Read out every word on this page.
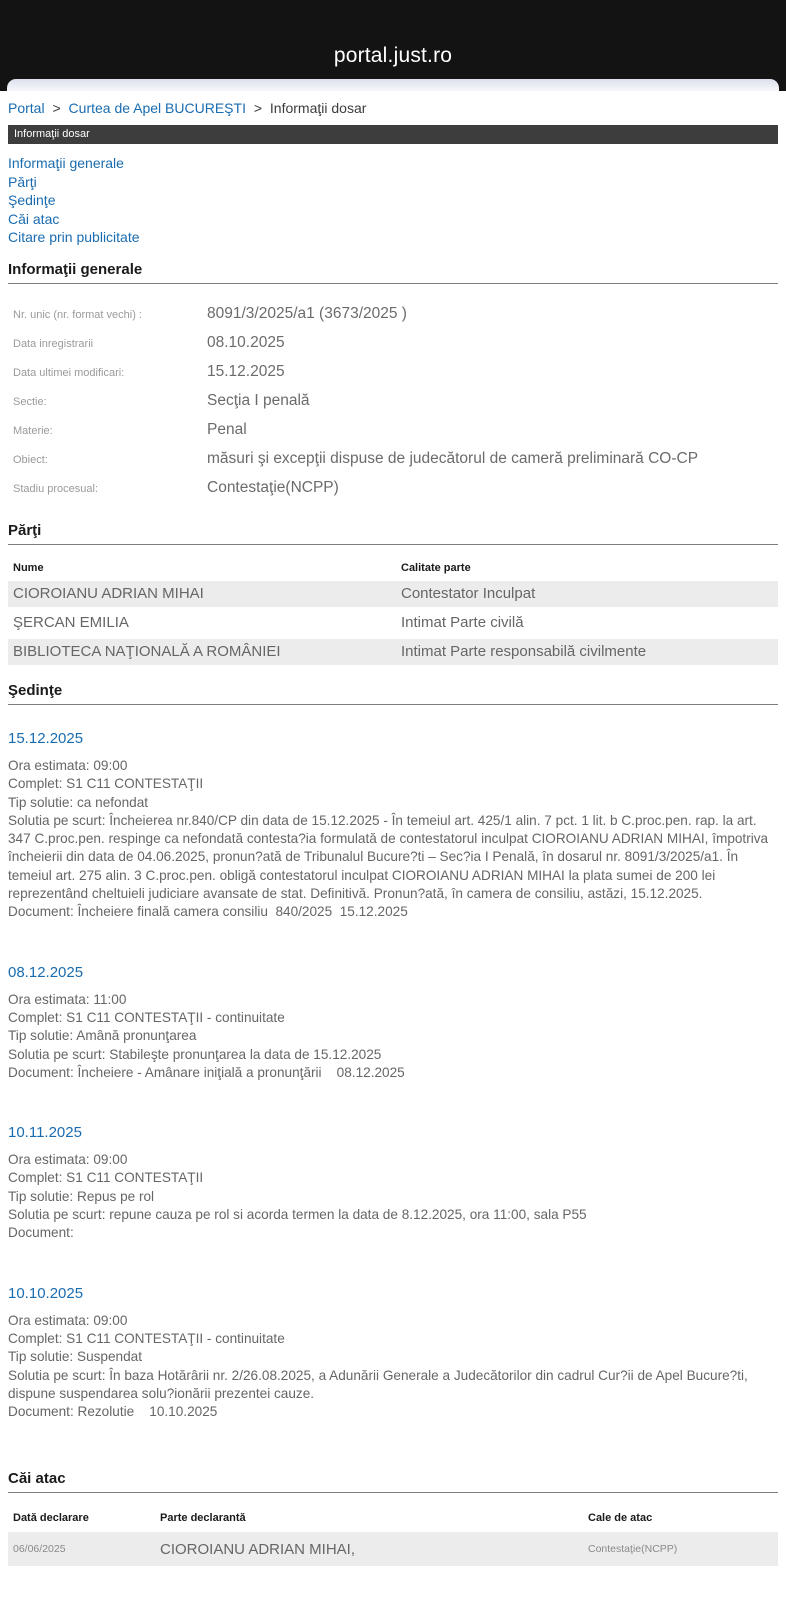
portal.just.ro
Portal > Curtea de Apel BUCUREŞTI > Informaţii dosar
Informaţii dosar
Informaţii generale
Părţi
Şedinţe
Căi atac
Citare prin publicitate
Informaţii generale
Nr. unic (nr. format vechi) :	8091/3/2025/a1 (3673/2025 )
Data inregistrarii	08.10.2025
Data ultimei modificari:	15.12.2025
Sectie:	Secţia I penală
Materie:	Penal
Obiect:	măsuri şi excepţii dispuse de judecătorul de cameră preliminară CO-CP
Stadiu procesual:	Contestaţie(NCPP)
Părţi
Nume	Calitate parte
CIOROIANU ADRIAN MIHAI	Contestator Inculpat
ŞERCAN EMILIA	Intimat Parte civilă
BIBLIOTECA NAŢIONALĂ A ROMÂNIEI	Intimat Parte responsabilă civilmente
Şedinţe
15.12.2025

Ora estimata: 09:00

Complet: S1 C11 CONTESTAŢII

Tip solutie: ca nefondat

Solutia pe scurt: Încheierea nr.840/CP din data de 15.12.2025 - În temeiul art. 425/1 alin. 7 pct. 1 lit. b C.proc.pen. rap. la art. 347 C.proc.pen. respinge ca nefondată contesta?ia formulată de contestatorul inculpat CIOROIANU ADRIAN MIHAI, împotriva încheierii din data de 04.06.2025, pronun?ată de Tribunalul Bucure?ti – Sec?ia I Penală, în dosarul nr. 8091/3/2025/a1. În temeiul art. 275 alin. 3 C.proc.pen. obligă contestatorul inculpat CIOROIANU ADRIAN MIHAI la plata sumei de 200 lei reprezentând cheltuieli judiciare avansate de stat. Definitivă. Pronun?ată, în camera de consiliu, astăzi, 15.12.2025.

Document: Încheiere finală camera consiliu  840/2025  15.12.2025

08.12.2025

Ora estimata: 11:00

Complet: S1 C11 CONTESTAŢII - continuitate

Tip solutie: Amână pronunţarea

Solutia pe scurt: Stabileşte pronunţarea la data de 15.12.2025

Document: Încheiere - Amânare iniţială a pronunţării    08.12.2025

10.11.2025

Ora estimata: 09:00

Complet: S1 C11 CONTESTAŢII

Tip solutie: Repus pe rol

Solutia pe scurt: repune cauza pe rol si acorda termen la data de 8.12.2025, ora 11:00, sala P55

Document:

10.10.2025

Ora estimata: 09:00

Complet: S1 C11 CONTESTAŢII - continuitate

Tip solutie: Suspendat

Solutia pe scurt: În baza Hotărârii nr. 2/26.08.2025, a Adunării Generale a Judecătorilor din cadrul Cur?ii de Apel Bucure?ti, dispune suspendarea solu?ionării prezentei cauze.

Document: Rezolutie    10.10.2025

Căi atac
Dată declarare	Parte declarantă	Cale de atac
06/06/2025	CIOROIANU ADRIAN MIHAI,	Contestaţie(NCPP)
